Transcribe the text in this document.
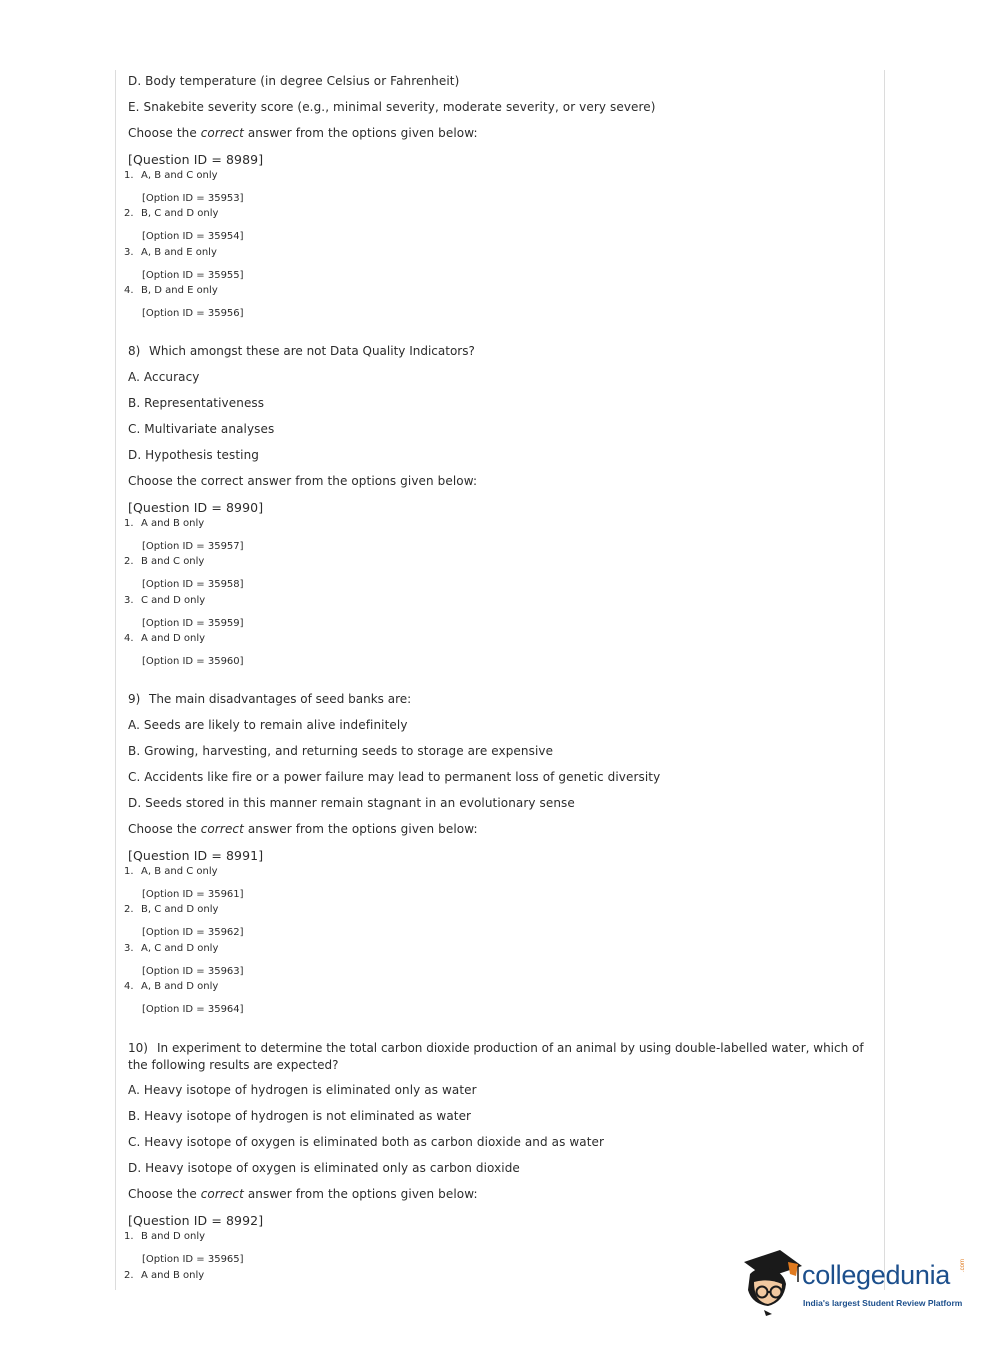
D. Body temperature (in degree Celsius or Fahrenheit)
E. Snakebite severity score (e.g., minimal severity, moderate severity, or very severe)
Choose the correct answer from the options given below:
[Question ID = 8989]
1. A, B and C only
[Option ID = 35953]
2. B, C and D only
[Option ID = 35954]
3. A, B and E only
[Option ID = 35955]
4. B, D and E only
[Option ID = 35956]
8) Which amongst these are not Data Quality Indicators?
A. Accuracy
B. Representativeness
C. Multivariate analyses
D. Hypothesis testing
Choose the correct answer from the options given below:
[Question ID = 8990]
1. A and B only
[Option ID = 35957]
2. B and C only
[Option ID = 35958]
3. C and D only
[Option ID = 35959]
4. A and D only
[Option ID = 35960]
9) The main disadvantages of seed banks are:
A. Seeds are likely to remain alive indefinitely
B. Growing, harvesting, and returning seeds to storage are expensive
C. Accidents like fire or a power failure may lead to permanent loss of genetic diversity
D. Seeds stored in this manner remain stagnant in an evolutionary sense
Choose the correct answer from the options given below:
[Question ID = 8991]
1. A, B and C only
[Option ID = 35961]
2. B, C and D only
[Option ID = 35962]
3. A, C and D only
[Option ID = 35963]
4. A, B and D only
[Option ID = 35964]
10) In experiment to determine the total carbon dioxide production of an animal by using double-labelled water, which of the following results are expected?
A. Heavy isotope of hydrogen is eliminated only as water
B. Heavy isotope of hydrogen is not eliminated as water
C. Heavy isotope of oxygen is eliminated both as carbon dioxide and as water
D. Heavy isotope of oxygen is eliminated only as carbon dioxide
Choose the correct answer from the options given below:
[Question ID = 8992]
1. B and D only
[Option ID = 35965]
2. A and B only	collegedunia .com
India's largest Student Review Platform
